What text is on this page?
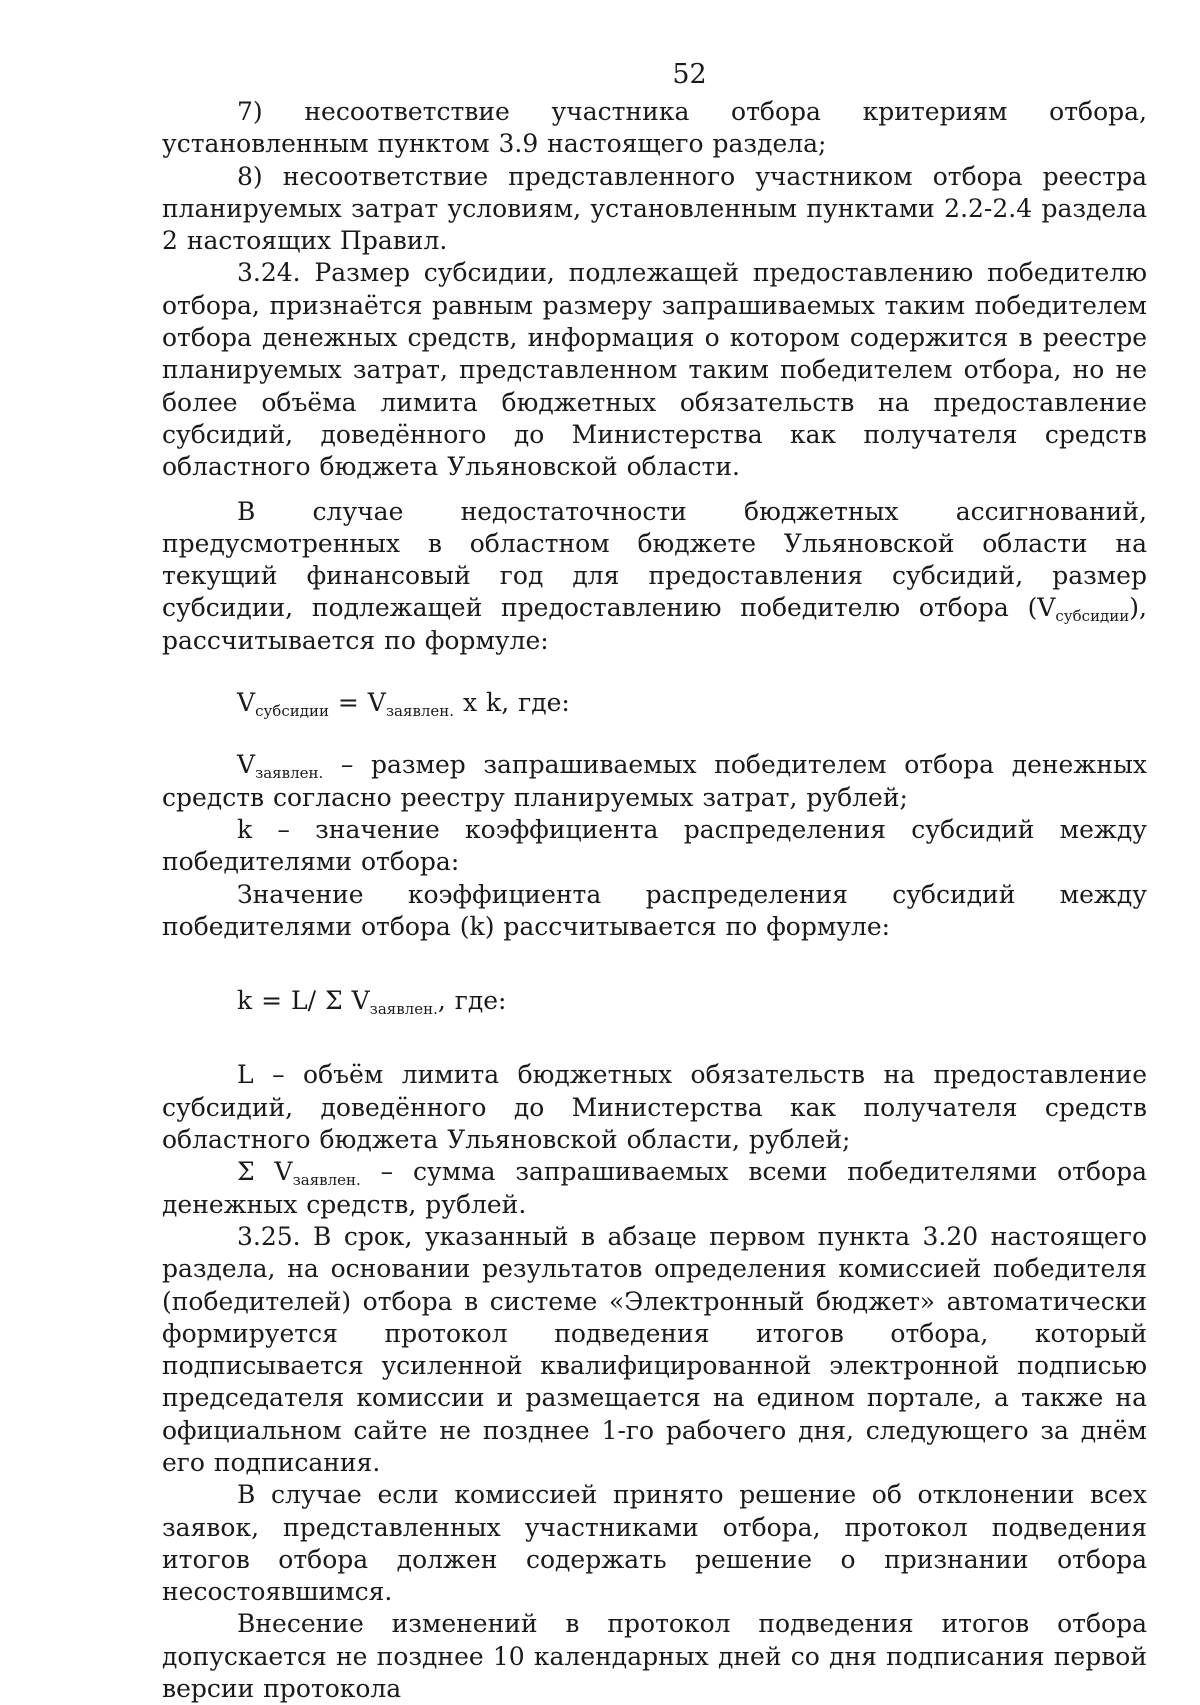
52

7) несоответствие участника отбора критериям отбора, установленным пунктом 3.9 настоящего раздела;

8) несоответствие представленного участником отбора реестра планируемых затрат условиям, установленным пунктами 2.2-2.4 раздела 2 настоящих Правил.

3.24. Размер субсидии, подлежащей предоставлению победителю отбора, признаётся равным размеру запрашиваемых таким победителем отбора денежных средств, информация о котором содержится в реестре планируемых затрат, представленном таким победителем отбора, но не более объёма лимита бюджетных обязательств на предоставление субсидий, доведённого до Министерства как получателя средств областного бюджета Ульяновской области.

В случае недостаточности бюджетных ассигнований, предусмотренных в областном бюджете Ульяновской области на текущий финансовый год для предоставления субсидий, размер субсидии, подлежащей предоставлению победителю отбора $(V_{субсидии})$, рассчитывается по формуле:

$V_{субсидии} = V_{заявлен.}$ x k, где:

$V_{заявлен.}$ – размер запрашиваемых победителем отбора денежных средств согласно реестру планируемых затрат, рублей;

k – значение коэффициента распределения субсидий между победителями отбора:

Значение коэффициента распределения субсидий между победителями отбора (k) рассчитывается по формуле:

k = L/ Σ $V_{заявлен.}$, где:

L – объём лимита бюджетных обязательств на предоставление субсидий, доведённого до Министерства как получателя средств областного бюджета Ульяновской области, рублей;

Σ $V_{заявлен.}$ – сумма запрашиваемых всеми победителями отбора денежных средств, рублей.

3.25. В срок, указанный в абзаце первом пункта 3.20 настоящего раздела, на основании результатов определения комиссией победителя (победителей) отбора в системе «Электронный бюджет» автоматически формируется протокол подведения итогов отбора, который подписывается усиленной квалифицированной электронной подписью председателя комиссии и размещается на едином портале, а также на официальном сайте не позднее 1-го рабочего дня, следующего за днём его подписания.

В случае если комиссией принято решение об отклонении всех заявок, представленных участниками отбора, протокол подведения итогов отбора должен содержать решение о признании отбора несостоявшимся.

Внесение изменений в протокол подведения итогов отбора допускается не позднее 10 календарных дней со дня подписания первой версии протокола
